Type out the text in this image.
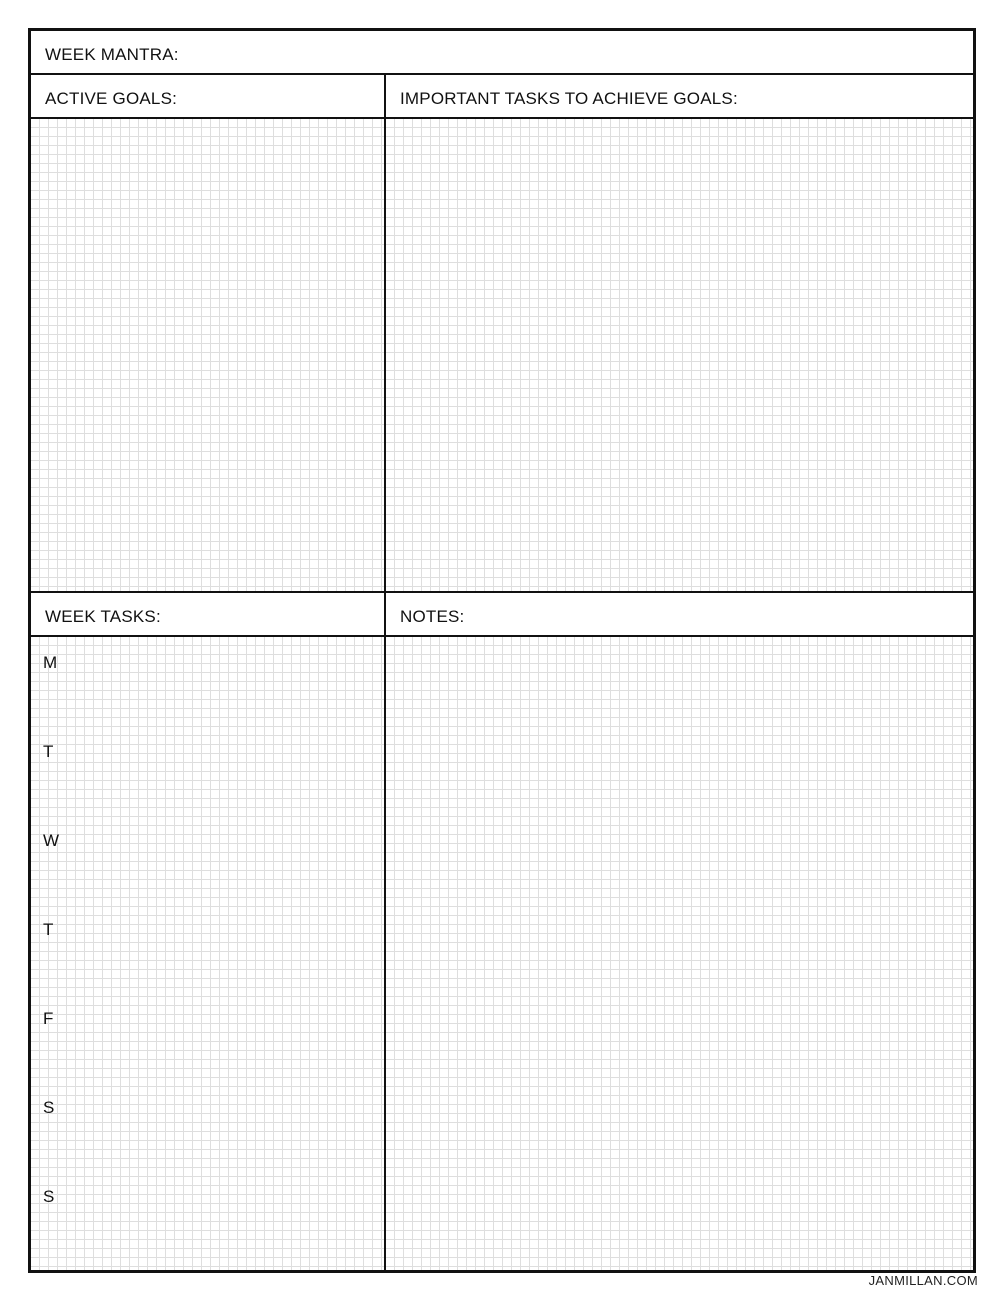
WEEK MANTRA:
ACTIVE GOALS:	IMPORTANT TASKS TO ACHIEVE GOALS:
WEEK TASKS:	NOTES:
M
T
W
T
F
S
S
JANMILLAN.COM
